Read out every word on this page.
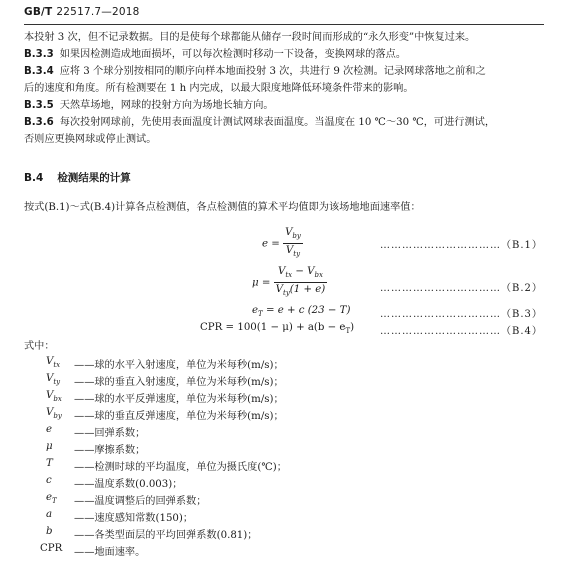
GB/T 22517.7—2018
本投射 3 次，但不记录数据。目的是使每个球都能从储存一段时间而形成的“永久形变”中恢复过来。
B.3.3 如果因检测造成地面损坏，可以每次检测时移动一下设备，变换网球的落点。
B.3.4 应将 3 个球分别按相同的顺序向样本地面投射 3 次，共进行 9 次检测。记录网球落地之前和之
后的速度和角度。所有检测要在 1 h 内完成，以最大限度地降低环境条件带来的影响。
B.3.5 天然草场地，网球的投射方向为场地长轴方向。
B.3.6 每次投射网球前，先使用表面温度计测试网球表面温度。当温度在 10 ℃～30 ℃，可进行测试，
否则应更换网球或停止测试。
B.4 检测结果的计算
按式(B.1)～式(B.4)计算各点检测值，各点检测值的算术平均值即为该场地地面速率值：
$e = \frac{V_{by}}{V_{ty}}$	……………………………（B.1）
$\mu = \frac{V_{tx} - V_{bx}}{V_{ty}(1 + e)}$	……………………………（B.2）
$e_T = e + c$ (23 − T)	……………………………（B.3）
CPR = $100(1 - \mu) + a(b - e_T)$	……………………………（B.4）
式中：
$V_{tx}$ ——球的水平入射速度，单位为米每秒(m/s)；
$V_{ty}$ ——球的垂直入射速度，单位为米每秒(m/s)；
$V_{bx}$ ——球的水平反弹速度，单位为米每秒(m/s)；
$V_{by}$ ——球的垂直反弹速度，单位为米每秒(m/s)；
e ——回弹系数；
μ ——摩擦系数；
T ——检测时球的平均温度，单位为摄氏度(℃)；
c ——温度系数(0.003)；
$e_T$ ——温度调整后的回弹系数；
a ——速度感知常数(150)；
b ——各类型面层的平均回弹系数(0.81)；
CPR ——地面速率。
